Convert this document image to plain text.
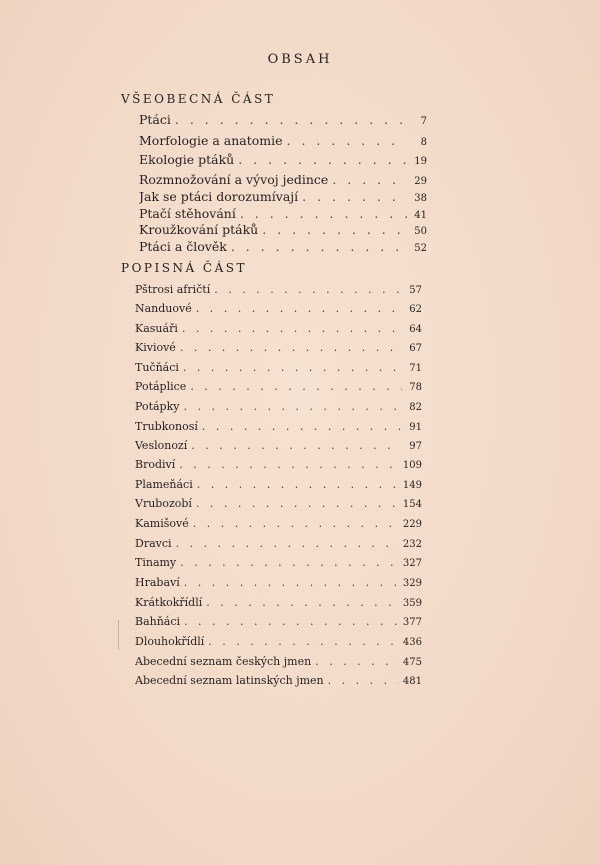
OBSAH
VŠEOBECNÁ ČÁST
Ptáci . . .	7
Morfologie a anatomie . . .	8
Ekologie ptáků . . .	19
Rozmnožování a vývoj jedince . . .	29
Jak se ptáci dorozumívají . . .	38
Ptačí stěhování . . .	41
Kroužkování ptáků . . .	50
Ptáci a člověk . . .	52
POPISNÁ ČÁST
Pštrosi afričtí . . .	57
Nanduové . . .	62
Kasuáři . . .	64
Kiviové . . .	67
Tučňáci . . .	71
Potáplice . . .	78
Potápky . . .	82
Trubkonosí . . .	91
Veslonozí . . .	97
Brodiví . . .	109
Plameňáci . . .	149
Vrubozobí . . .	154
Kamišové . . .	229
Dravci . . .	232
Tinamy . . .	327
Hrabaví . . .	329
Krátkokřídlí . . .	359
Bahňáci . . .	377
Dlouhokřídlí . . .	436
Abecední seznam českých jmen . . .	475
Abecední seznam latinských jmen . . .	481
